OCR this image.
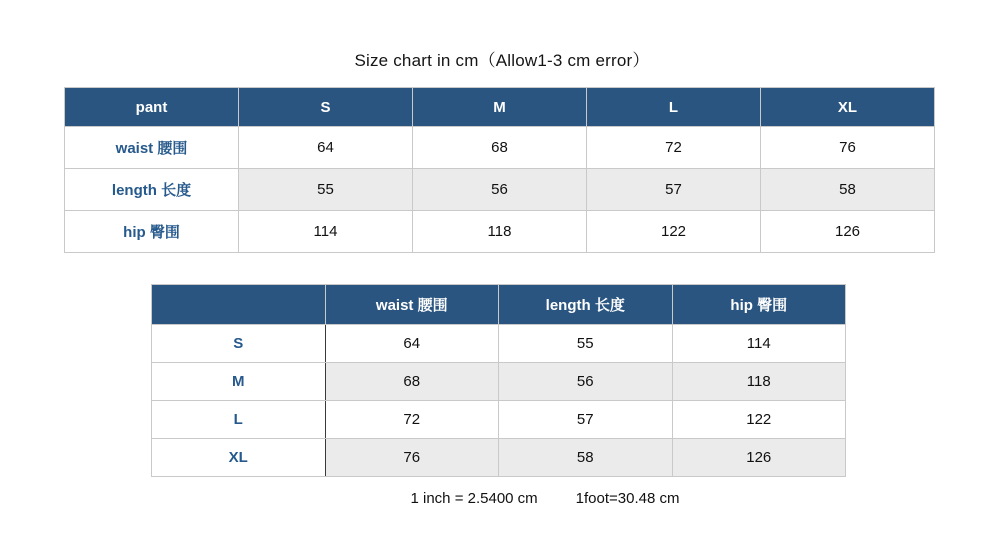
Size chart in cm（Allow1-3 cm error）
pant	S	M	L	XL
waist 腰围	64	68	72	76
length 长度	55	56	57	58
hip 臀围	114	118	122	126
	waist 腰围	length 长度	hip 臀围
S	64	55	114
M	68	56	118
L	72	57	122
XL	76	58	126
1 inch = 2.5400 cm	1foot=30.48 cm
